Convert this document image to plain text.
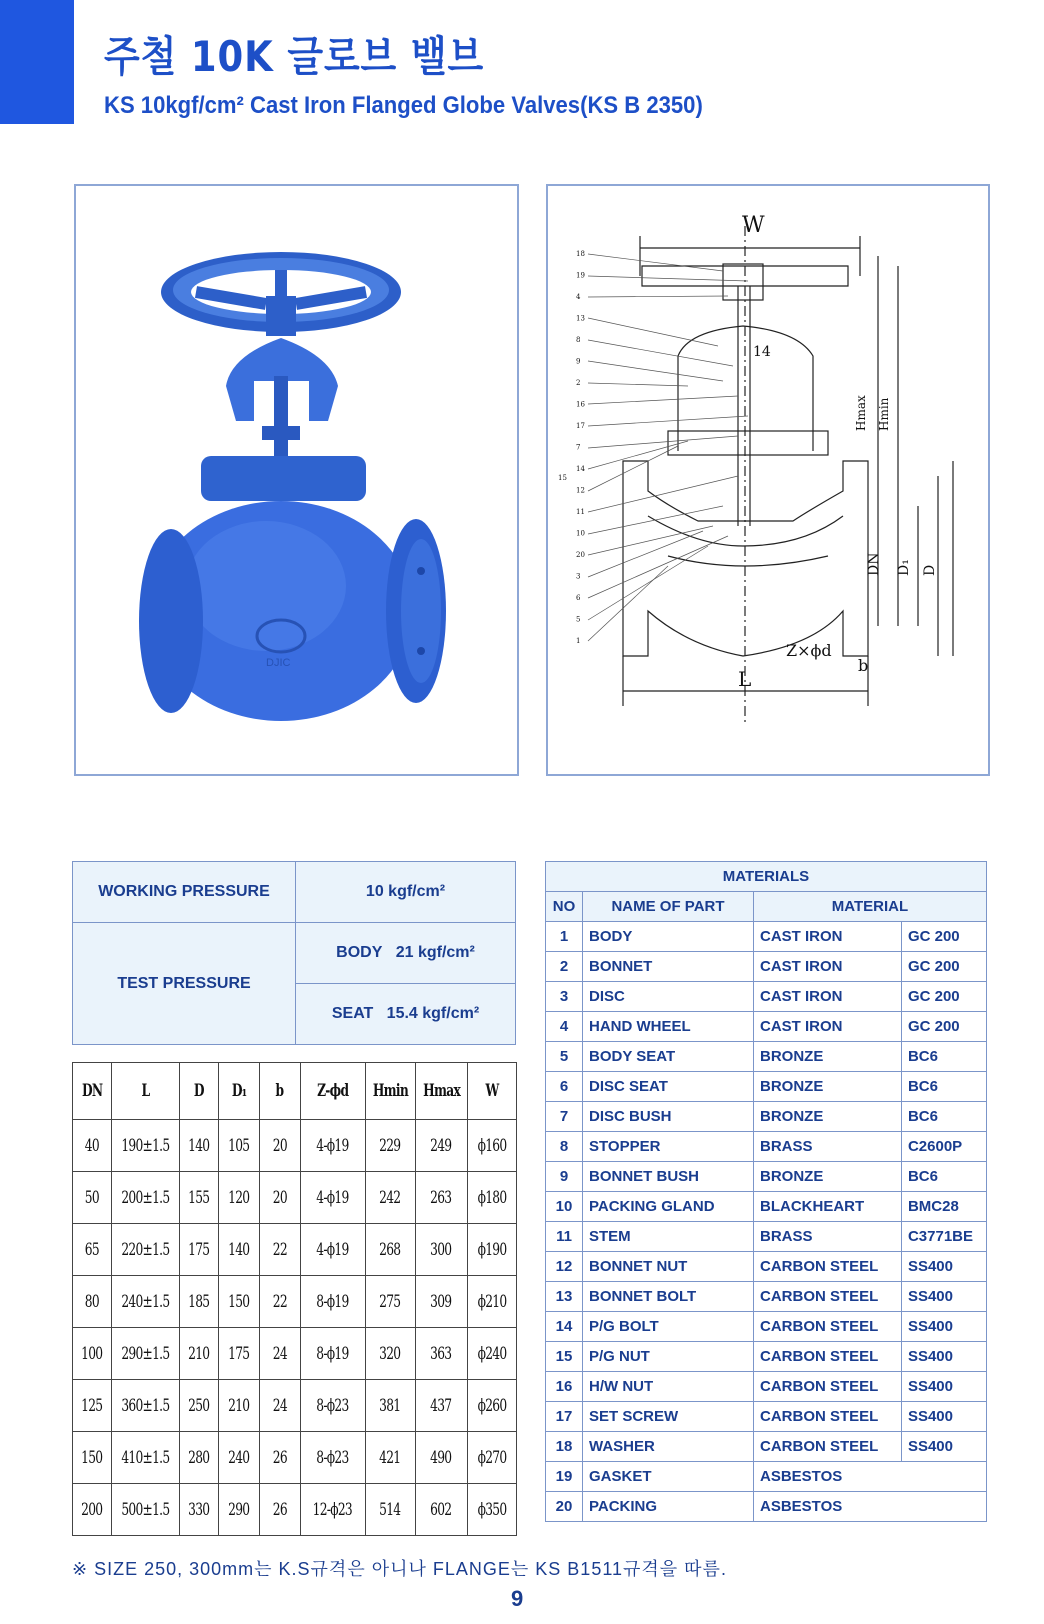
주철 10K 글로브 밸브
KS 10kgf/cm² Cast Iron Flanged Globe Valves(KS B 2350)
DJIC
18
19
4
13
8
9
2
16
17
7
14
12
11
10
20
3
6
5
1
15
W
L
14
Z×ϕd
b
DN D₁ D
Hmax Hmin
WORKING PRESSURE	10 kgf/cm²
TEST PRESSURE	BODY 21 kgf/cm²
	SEAT 15.4 kgf/cm²
DN	L	D	D₁	b	Z-ϕd	Hmin	Hmax	W
40	190±1.5	140	105	20	4-ϕ19	229	249	ϕ160
50	200±1.5	155	120	20	4-ϕ19	242	263	ϕ180
65	220±1.5	175	140	22	4-ϕ19	268	300	ϕ190
80	240±1.5	185	150	22	8-ϕ19	275	309	ϕ210
100	290±1.5	210	175	24	8-ϕ19	320	363	ϕ240
125	360±1.5	250	210	24	8-ϕ23	381	437	ϕ260
150	410±1.5	280	240	26	8-ϕ23	421	490	ϕ270
200	500±1.5	330	290	26	12-ϕ23	514	602	ϕ350
MATERIALS			
NO	NAME OF PART	MATERIAL	
1	BODY	CAST IRON	GC 200
2	BONNET	CAST IRON	GC 200
3	DISC	CAST IRON	GC 200
4	HAND WHEEL	CAST IRON	GC 200
5	BODY SEAT	BRONZE	BC6
6	DISC SEAT	BRONZE	BC6
7	DISC BUSH	BRONZE	BC6
8	STOPPER	BRASS	C2600P
9	BONNET BUSH	BRONZE	BC6
10	PACKING GLAND	BLACKHEART	BMC28
11	STEM	BRASS	C3771BE
12	BONNET NUT	CARBON STEEL	SS400
13	BONNET BOLT	CARBON STEEL	SS400
14	P/G BOLT	CARBON STEEL	SS400
15	P/G NUT	CARBON STEEL	SS400
16	H/W NUT	CARBON STEEL	SS400
17	SET SCREW	CARBON STEEL	SS400
18	WASHER	CARBON STEEL	SS400
19	GASKET	ASBESTOS	
20	PACKING	ASBESTOS	
※ SIZE 250, 300mm는 K.S규격은 아니나 FLANGE는 KS B1511규격을 따름.
9
